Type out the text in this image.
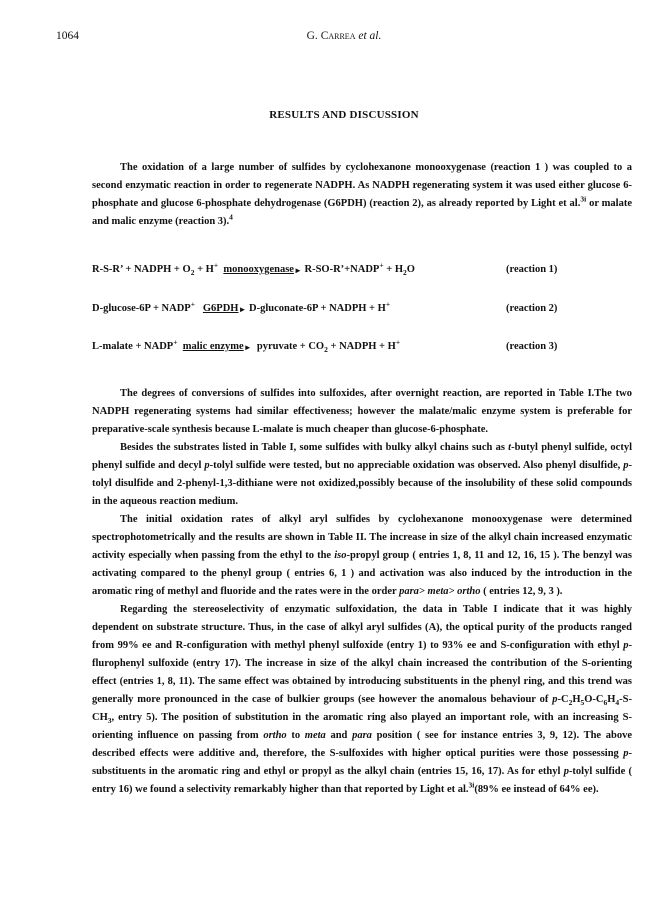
1064	G. Carrea et al.
RESULTS AND DISCUSSION

The oxidation of a large number of sulfides by cyclohexanone monooxygenase (reaction 1 ) was coupled to a second enzymatic reaction in order to regenerate NADPH. As NADPH regenerating system it was used either glucose 6-phosphate and glucose 6-phosphate dehydrogenase (G6PDH) (reaction 2), as already reported by Light et al.$^{3i}$ or malate and malic enzyme (reaction 3).$^4$

R-S-R’ + NADPH + $O_2 + H^+$ monooxygenase► R-SO-R’+NADP+ + $H_2O$	(reaction 1)
D-glucose-6P + NADP+ G6PDH► D-gluconate-6P + NADPH + H+	(reaction 2)
L-malate + NADP+ malic enzyme►  pyruvate + $CO_2$ + NADPH + H+	(reaction 3)

The degrees of conversions of sulfides into sulfoxides, after overnight reaction, are reported in Table I.The two NADPH regenerating systems had similar effectiveness; however the malate/malic enzyme system is preferable for preparative-scale synthesis because L-malate is much cheaper than glucose-6-phosphate.

Besides the substrates listed in Table I, some sulfides with bulky alkyl chains such as t-butyl phenyl sulfide, octyl phenyl sulfide and decyl p-tolyl sulfide were tested, but no appreciable oxidation was observed. Also phenyl disulfide, p-tolyl disulfide and 2-phenyl-1,3-dithiane were not oxidized,possibly because of the insolubility of these solid compounds in the aqueous reaction medium.

The initial oxidation rates of alkyl aryl sulfides by cyclohexanone monooxygenase were determined spectrophotometrically and the results are shown in Table II. The increase in size of the alkyl chain increased enzymatic activity especially when passing from the ethyl to the iso-propyl group ( entries 1, 8, 11 and 12, 16, 15 ). The benzyl was activating compared to the phenyl group ( entries 6, 1 ) and activation was also induced by the introduction in the aromatic ring of methyl and fluoride and the rates were in the order para> meta> ortho ( entries 12, 9, 3 ).

Regarding the stereoselectivity of enzymatic sulfoxidation, the data in Table I indicate that it was highly dependent on substrate structure. Thus, in the case of alkyl aryl sulfides (A), the optical purity of the products ranged from 99% ee and R-configuration with methyl phenyl sulfoxide (entry 1) to 93% ee and S-configuration with ethyl p-flurophenyl sulfoxide (entry 17). The increase in size of the alkyl chain increased the contribution of the S-orienting effect (entries 1, 8, 11). The same effect was obtained by introducing substituents in the phenyl ring, and this trend was generally more pronounced in the case of bulkier groups (see however the anomalous behaviour of $p-C_2H_5O-C_6H_4-S-CH_3$, entry 5). The position of substitution in the aromatic ring also played an important role, with an increasing S-orienting influence on passing from ortho to meta and para position ( see for instance entries 3, 9, 12). The above described effects were additive and, therefore, the S-sulfoxides with higher optical purities were those possessing p-substituents in the aromatic ring and ethyl or propyl as the alkyl chain (entries 15, 16, 17). As for ethyl p-tolyl sulfide ( entry 16) we found a selectivity remarkably higher than that reported by Light et al.$^{3i}$(89% ee instead of 64% ee).
